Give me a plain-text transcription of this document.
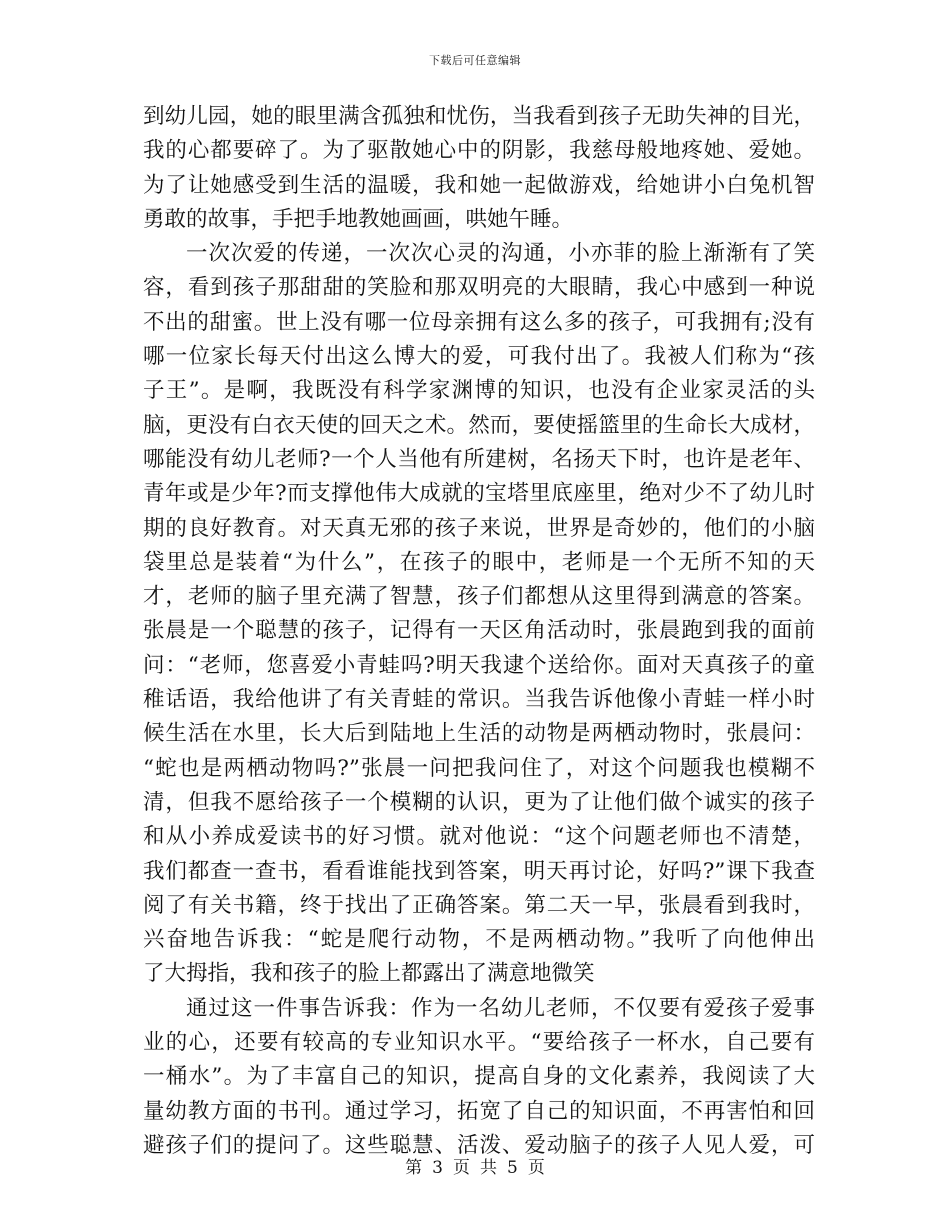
下载后可任意编辑
到幼儿园，她的眼里满含孤独和忧伤，当我看到孩子无助失神的目光，
我的心都要碎了。为了驱散她心中的阴影，我慈母般地疼她、爱她。
为了让她感受到生活的温暖，我和她一起做游戏，给她讲小白兔机智
勇敢的故事，手把手地教她画画，哄她午睡。
一次次爱的传递，一次次心灵的沟通，小亦菲的脸上渐渐有了笑
容，看到孩子那甜甜的笑脸和那双明亮的大眼睛，我心中感到一种说
不出的甜蜜。世上没有哪一位母亲拥有这么多的孩子，可我拥有;没有
哪一位家长每天付出这么博大的爱，可我付出了。我被人们称为“孩
子王”。是啊，我既没有科学家渊博的知识，也没有企业家灵活的头
脑，更没有白衣天使的回天之术。然而，要使摇篮里的生命长大成材，
哪能没有幼儿老师?一个人当他有所建树，名扬天下时，也许是老年、
青年或是少年?而支撑他伟大成就的宝塔里底座里，绝对少不了幼儿时
期的良好教育。对天真无邪的孩子来说，世界是奇妙的，他们的小脑
袋里总是装着“为什么”，在孩子的眼中，老师是一个无所不知的天
才，老师的脑子里充满了智慧，孩子们都想从这里得到满意的答案。
张晨是一个聪慧的孩子，记得有一天区角活动时，张晨跑到我的面前
问：“老师，您喜爱小青蛙吗?明天我逮个送给你。面对天真孩子的童
稚话语，我给他讲了有关青蛙的常识。当我告诉他像小青蛙一样小时
候生活在水里，长大后到陆地上生活的动物是两栖动物时，张晨问：
“蛇也是两栖动物吗?”张晨一问把我问住了，对这个问题我也模糊不
清，但我不愿给孩子一个模糊的认识，更为了让他们做个诚实的孩子
和从小养成爱读书的好习惯。就对他说：“这个问题老师也不清楚，
我们都查一查书，看看谁能找到答案，明天再讨论，好吗?”课下我查
阅了有关书籍，终于找出了正确答案。第二天一早，张晨看到我时，
兴奋地告诉我：“蛇是爬行动物，不是两栖动物。”我听了向他伸出
了大拇指，我和孩子的脸上都露出了满意地微笑
通过这一件事告诉我：作为一名幼儿老师，不仅要有爱孩子爱事
业的心，还要有较高的专业知识水平。“要给孩子一杯水，自己要有
一桶水”。为了丰富自己的知识，提高自身的文化素养，我阅读了大
量幼教方面的书刊。通过学习，拓宽了自己的知识面，不再害怕和回
避孩子们的提问了。这些聪慧、活泼、爱动脑子的孩子人见人爱，可
第 3 页 共 5 页
